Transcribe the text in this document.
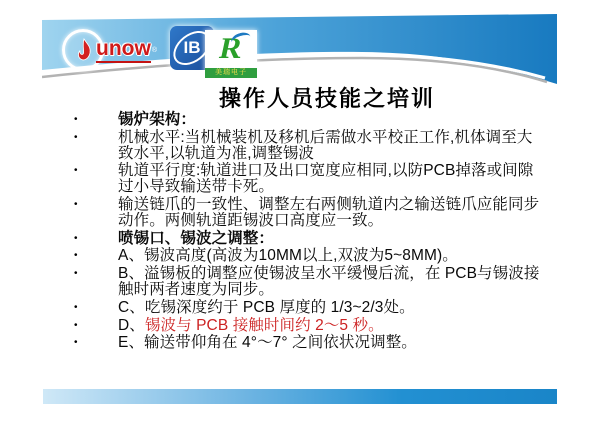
unow ®	IB R
美瑞电子
操作人员技能之培训
•	锡炉架构：
•	机械水平:当机械装机及移机后需做水平校正工作,机体调至大致水平,以轨道为准,调整锡波
•	轨道平行度:轨道进口及出口宽度应相同,以防PCB掉落或间隙过小导致输送带卡死。
•	输送链爪的一致性、调整左右两侧轨道内之输送链爪应能同步动作。两侧轨道距锡波口高度应一致。
•	喷锡口、锡波之调整：
•	A、锡波高度(高波为10MM以上,双波为5~8MM)。
•	B、溢锡板的调整应使锡波呈水平缓慢后流，在 PCB与锡波接触时两者速度为同步。
•	C、吃锡深度约于 PCB 厚度的 1/3~2/3处。
•	D、锡波与 PCB 接触时间约 2～5 秒。
•	E、输送带仰角在 4°～7° 之间依状况调整。
